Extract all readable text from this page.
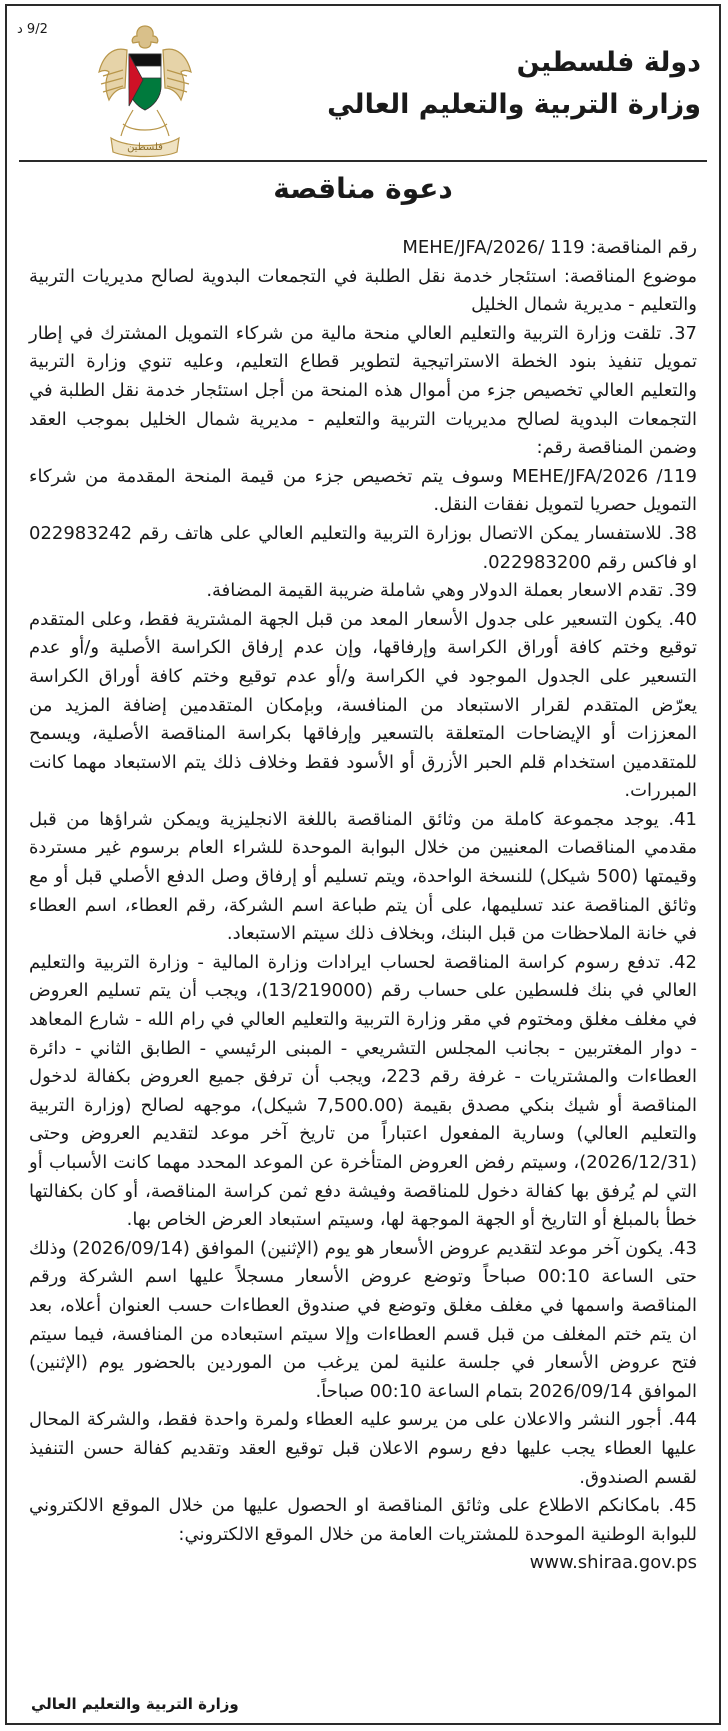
9/2 د
فلسطين
دولة فلسطين
وزارة التربية والتعليم العالي
دعوة مناقصة

رقم المناقصة: MEHE/JFA/2026/ 119

موضوع المناقصة: استئجار خدمة نقل الطلبة في التجمعات البدوية لصالح مديريات التربية والتعليم - مديرية شمال الخليل

37. تلقت وزارة التربية والتعليم العالي منحة مالية من شركاء التمويل المشترك في إطار تمويل تنفيذ بنود الخطة الاستراتيجية لتطوير قطاع التعليم، وعليه تنوي وزارة التربية والتعليم العالي تخصيص جزء من أموال هذه المنحة من أجل استئجار خدمة نقل الطلبة في التجمعات البدوية لصالح مديريات التربية والتعليم - مديرية شمال الخليل بموجب العقد وضمن المناقصة رقم:

119/ MEHE/JFA/2026 وسوف يتم تخصيص جزء من قيمة المنحة المقدمة من شركاء التمويل حصريا لتمويل نفقات النقل.

38. للاستفسار يمكن الاتصال بوزارة التربية والتعليم العالي على هاتف رقم 022983242 او فاكس رقم 022983200.

39. تقدم الاسعار بعملة الدولار وهي شاملة ضريبة القيمة المضافة.

40. يكون التسعير على جدول الأسعار المعد من قبل الجهة المشترية فقط، وعلى المتقدم توقيع وختم كافة أوراق الكراسة وإرفاقها، وإن عدم إرفاق الكراسة الأصلية و/أو عدم التسعير على الجدول الموجود في الكراسة و/أو عدم توقيع وختم كافة أوراق الكراسة يعرّض المتقدم لقرار الاستبعاد من المنافسة، وبإمكان المتقدمين إضافة المزيد من المعززات أو الإيضاحات المتعلقة بالتسعير وإرفاقها بكراسة المناقصة الأصلية، ويسمح للمتقدمين استخدام قلم الحبر الأزرق أو الأسود فقط وخلاف ذلك يتم الاستبعاد مهما كانت المبررات.

41. يوجد مجموعة كاملة من وثائق المناقصة باللغة الانجليزية ويمكن شراؤها من قبل مقدمي المناقصات المعنيين من خلال البوابة الموحدة للشراء العام برسوم غير مستردة وقيمتها (500 شيكل) للنسخة الواحدة، ويتم تسليم أو إرفاق وصل الدفع الأصلي قبل أو مع وثائق المناقصة عند تسليمها، على أن يتم طباعة اسم الشركة، رقم العطاء، اسم العطاء في خانة الملاحظات من قبل البنك، وبخلاف ذلك سيتم الاستبعاد.

42. تدفع رسوم كراسة المناقصة لحساب ايرادات وزارة المالية - وزارة التربية والتعليم العالي في بنك فلسطين على حساب رقم (13/219000)، ويجب أن يتم تسليم العروض في مغلف مغلق ومختوم في مقر وزارة التربية والتعليم العالي في رام الله - شارع المعاهد - دوار المغتربين - بجانب المجلس التشريعي - المبنى الرئيسي - الطابق الثاني - دائرة العطاءات والمشتريات - غرفة رقم 223، ويجب أن ترفق جميع العروض بكفالة لدخول المناقصة أو شيك بنكي مصدق بقيمة (7,500.00 شيكل)، موجهه لصالح (وزارة التربية والتعليم العالي) وسارية المفعول اعتباراً من تاريخ آخر موعد لتقديم العروض وحتى (2026/12/31)، وسيتم رفض العروض المتأخرة عن الموعد المحدد مهما كانت الأسباب أو التي لم يُرفق بها كفالة دخول للمناقصة وفيشة دفع ثمن كراسة المناقصة، أو كان بكفالتها خطأ بالمبلغ أو التاريخ أو الجهة الموجهة لها، وسيتم استبعاد العرض الخاص بها.

43. يكون آخر موعد لتقديم عروض الأسعار هو يوم (الإثنين) الموافق (2026/09/14) وذلك حتى الساعة 00:10 صباحاً وتوضع عروض الأسعار مسجلاً عليها اسم الشركة ورقم المناقصة واسمها في مغلف مغلق وتوضع في صندوق العطاءات حسب العنوان أعلاه، بعد ان يتم ختم المغلف من قبل قسم العطاءات وإلا سيتم استبعاده من المنافسة، فيما سيتم فتح عروض الأسعار في جلسة علنية لمن يرغب من الموردين بالحضور يوم (الإثنين) الموافق 2026/09/14 بتمام الساعة 00:10 صباحاً.

44. أجور النشر والاعلان على من يرسو عليه العطاء ولمرة واحدة فقط، والشركة المحال عليها العطاء يجب عليها دفع رسوم الاعلان قبل توقيع العقد وتقديم كفالة حسن التنفيذ لقسم الصندوق.

45. بامكانكم الاطلاع على وثائق المناقصة او الحصول عليها من خلال الموقع الالكتروني للبوابة الوطنية الموحدة للمشتريات العامة من خلال الموقع الالكتروني:

www.shiraa.gov.ps

وزارة التربية والتعليم العالي
